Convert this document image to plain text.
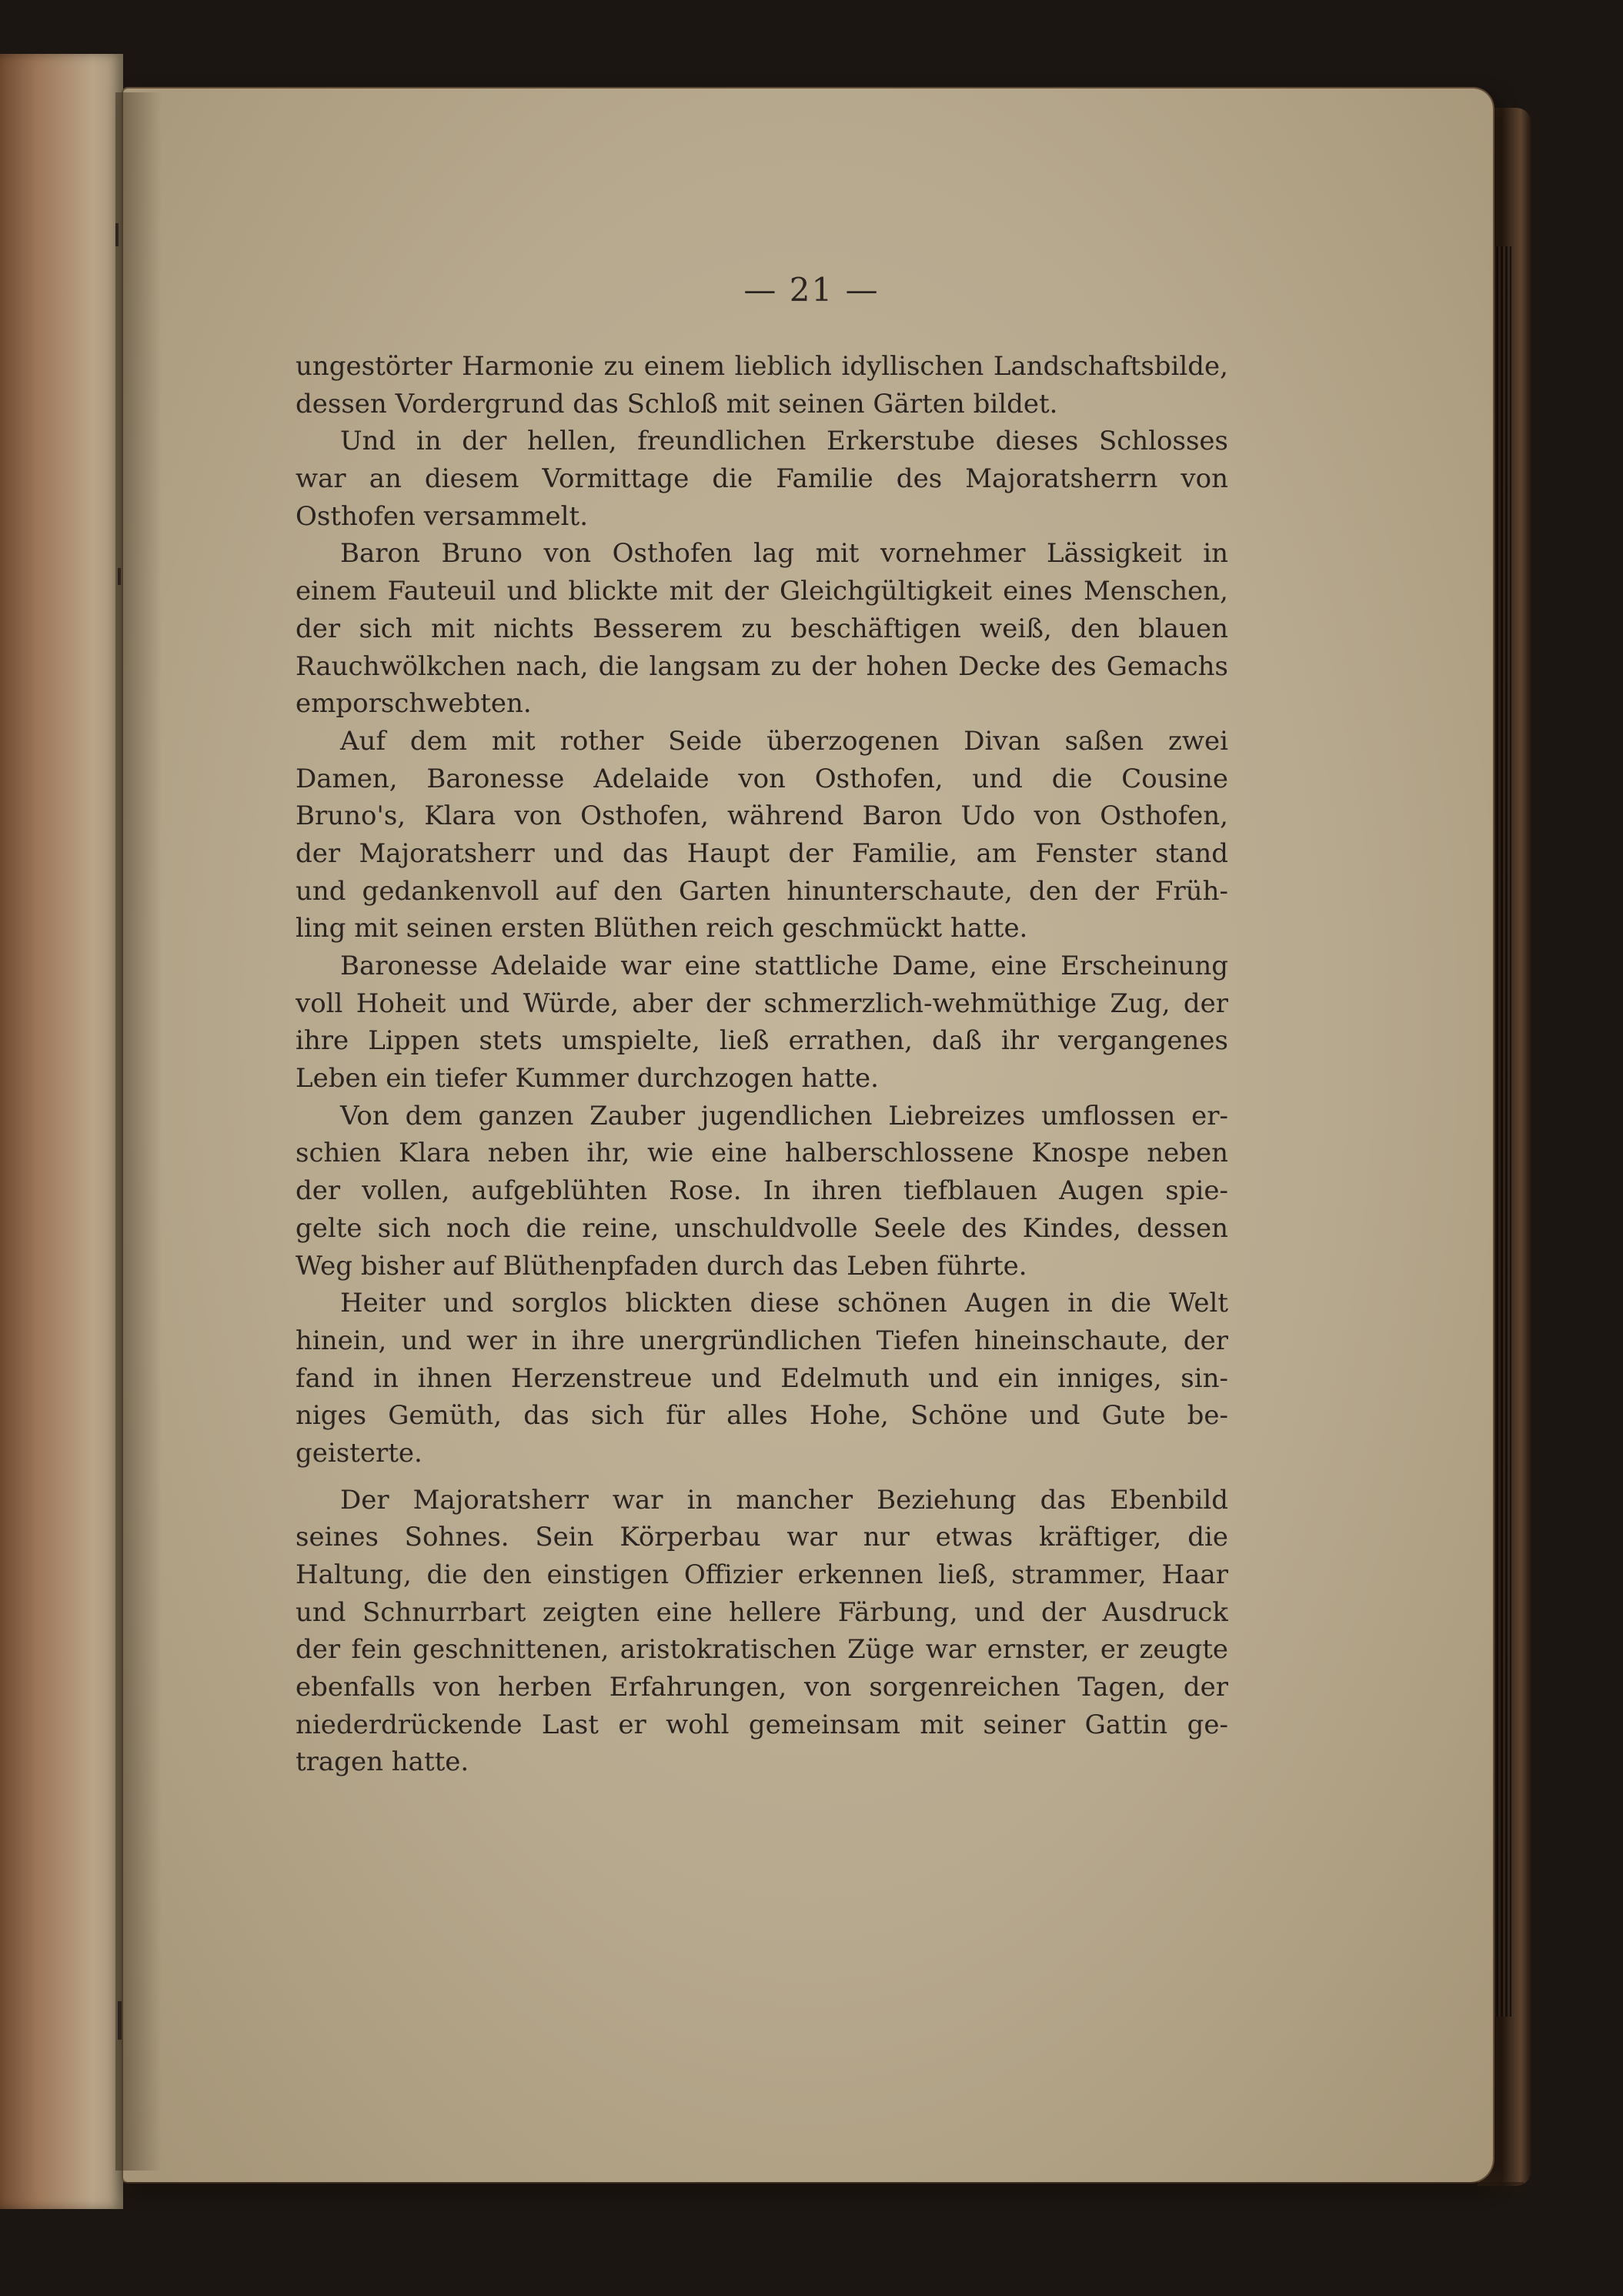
— 21 —
ungestörter Harmonie zu einem lieblich idyllischen Landschaftsbilde,
dessen Vordergrund das Schloß mit seinen Gärten bildet.
Und in der hellen, freundlichen Erkerstube dieses Schlosses
war an diesem Vormittage die Familie des Majoratsherrn von
Osthofen versammelt.
Baron Bruno von Osthofen lag mit vornehmer Lässigkeit in
einem Fauteuil und blickte mit der Gleichgültigkeit eines Menschen,
der sich mit nichts Besserem zu beschäftigen weiß, den blauen
Rauchwölkchen nach, die langsam zu der hohen Decke des Gemachs
emporschwebten.
Auf dem mit rother Seide überzogenen Divan saßen zwei
Damen, Baronesse Adelaide von Osthofen, und die Cousine
Bruno's, Klara von Osthofen, während Baron Udo von Osthofen,
der Majoratsherr und das Haupt der Familie, am Fenster stand
und gedankenvoll auf den Garten hinunterschaute, den der Früh-
ling mit seinen ersten Blüthen reich geschmückt hatte.
Baronesse Adelaide war eine stattliche Dame, eine Erscheinung
voll Hoheit und Würde, aber der schmerzlich-wehmüthige Zug, der
ihre Lippen stets umspielte, ließ errathen, daß ihr vergangenes
Leben ein tiefer Kummer durchzogen hatte.
Von dem ganzen Zauber jugendlichen Liebreizes umflossen er-
schien Klara neben ihr, wie eine halberschlossene Knospe neben
der vollen, aufgeblühten Rose. In ihren tiefblauen Augen spie-
gelte sich noch die reine, unschuldvolle Seele des Kindes, dessen
Weg bisher auf Blüthenpfaden durch das Leben führte.
Heiter und sorglos blickten diese schönen Augen in die Welt
hinein, und wer in ihre unergründlichen Tiefen hineinschaute, der
fand in ihnen Herzenstreue und Edelmuth und ein inniges, sin-
niges Gemüth, das sich für alles Hohe, Schöne und Gute be-
geisterte.
Der Majoratsherr war in mancher Beziehung das Ebenbild
seines Sohnes. Sein Körperbau war nur etwas kräftiger, die
Haltung, die den einstigen Offizier erkennen ließ, strammer, Haar
und Schnurrbart zeigten eine hellere Färbung, und der Ausdruck
der fein geschnittenen, aristokratischen Züge war ernster, er zeugte
ebenfalls von herben Erfahrungen, von sorgenreichen Tagen, der
niederdrückende Last er wohl gemeinsam mit seiner Gattin ge-
tragen hatte.
